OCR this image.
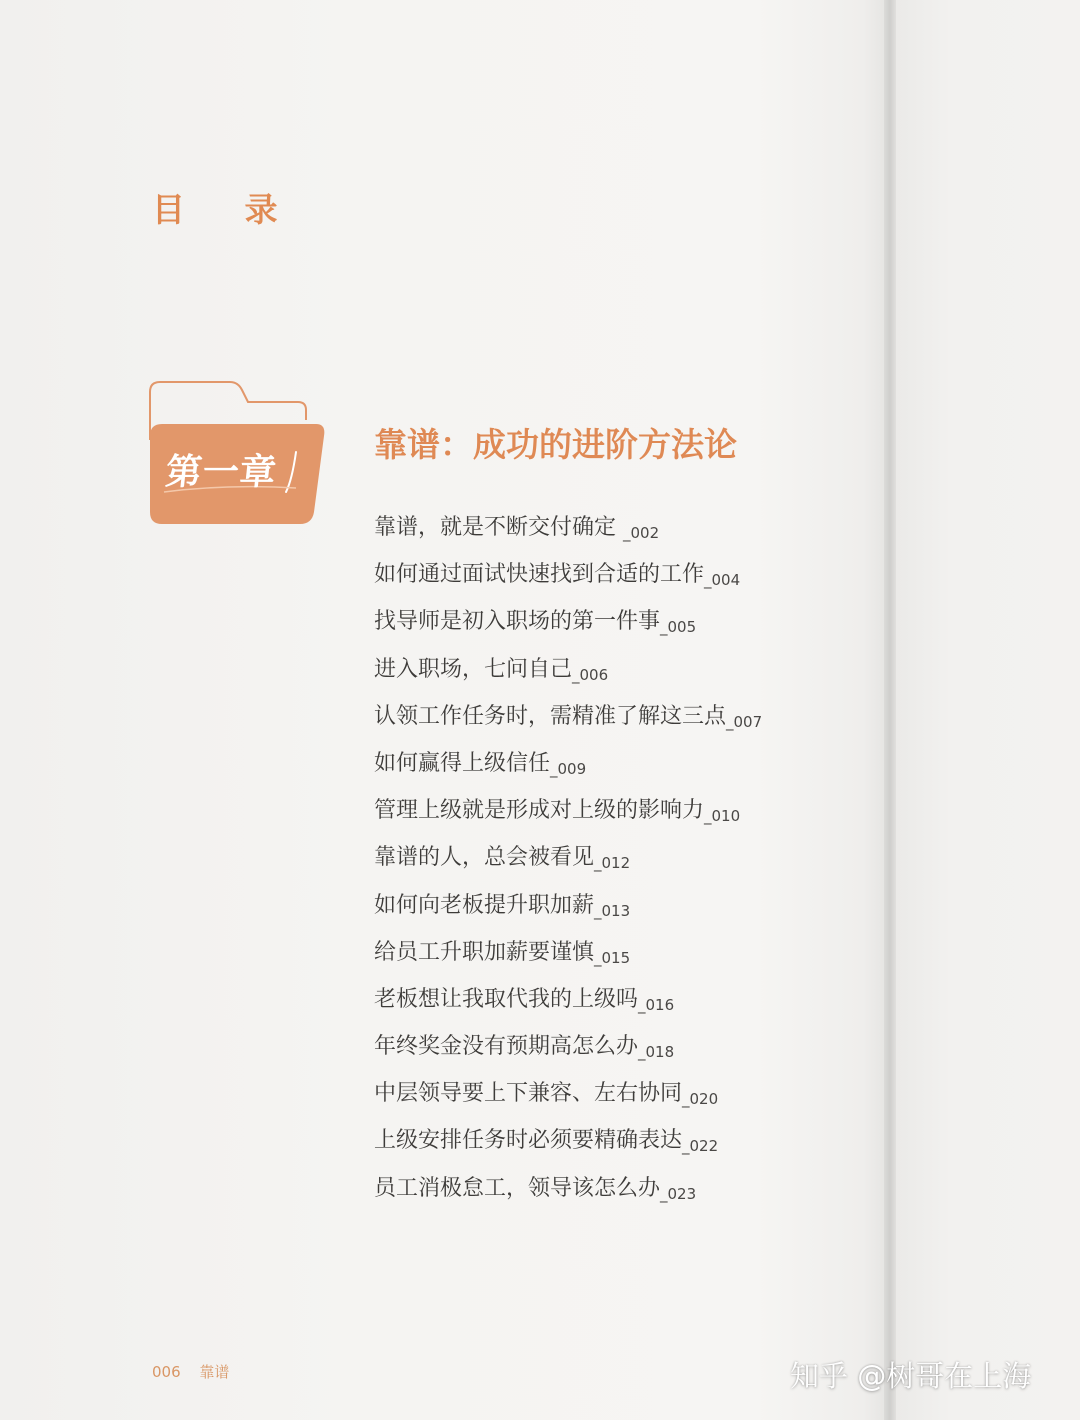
目 录
第一章
靠谱：成功的进阶方法论
靠谱，就是不断交付确定 _ 002
如何通过面试快速找到合适的工作 _ 004
找导师是初入职场的第一件事 _ 005
进入职场，七问自己 _ 006
认领工作任务时，需精准了解这三点 _ 007
如何赢得上级信任 _ 009
管理上级就是形成对上级的影响力 _ 010
靠谱的人，总会被看见 _ 012
如何向老板提升职加薪 _ 013
给员工升职加薪要谨慎 _ 015
老板想让我取代我的上级吗 _ 016
年终奖金没有预期高怎么办 _ 018
中层领导要上下兼容、左右协同 _ 020
上级安排任务时必须要精确表达 _ 022
员工消极怠工，领导该怎么办 _ 023
006 靠谱	知乎 @树哥在上海
